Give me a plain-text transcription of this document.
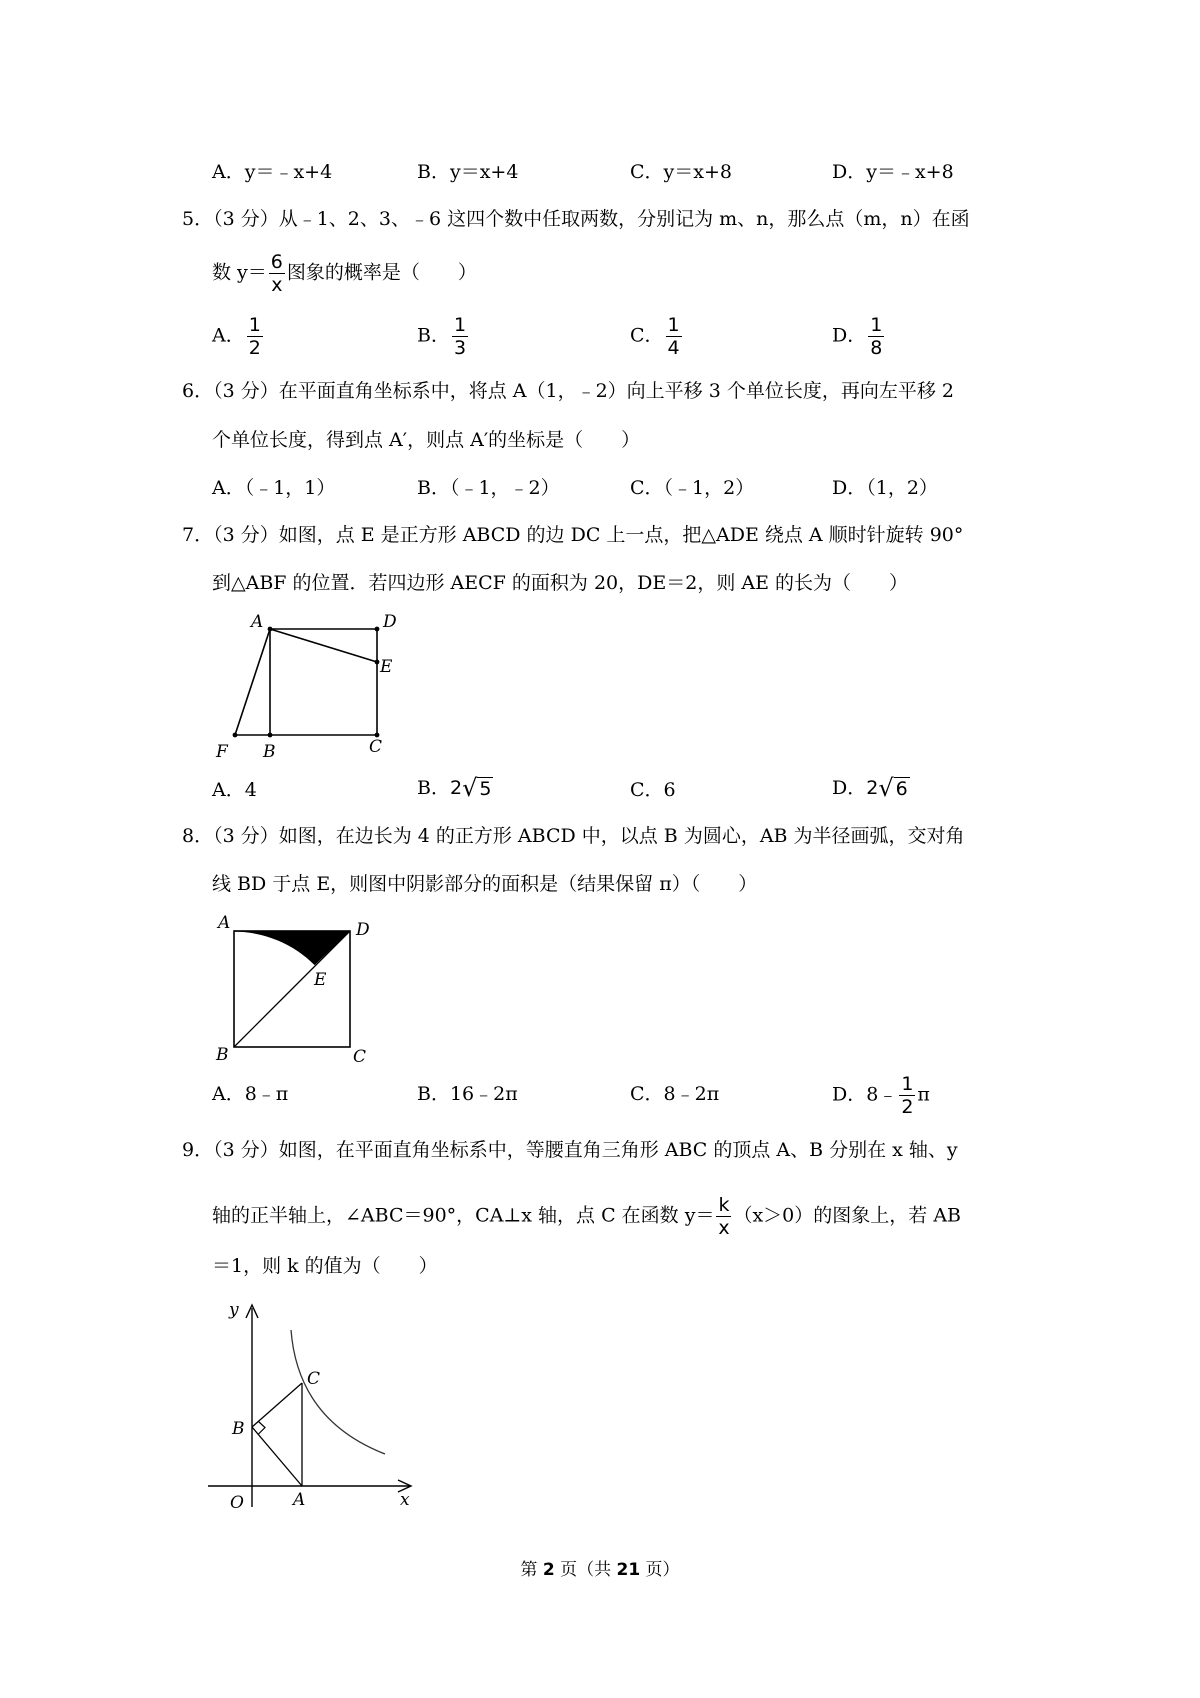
A．y＝﹣x+4	B．y＝x+4	C．y＝x+8	D．y＝﹣x+8
5．（3 分）从﹣1、2、3、﹣6 这四个数中任取两数，分别记为 m、n，那么点（m，n）在函
数 $y= \frac{6}{x}$ 图象的概率是（　　）
A． $\frac{1}{2}$	B． $\frac{1}{3}$	C． $\frac{1}{4}$	D． $\frac{1}{8}$
6．（3 分）在平面直角坐标系中，将点 A（1，﹣2）向上平移 3 个单位长度，再向左平移 2
个单位长度，得到点 A′，则点 A′的坐标是（　　）
A．（﹣1，1）	B．（﹣1，﹣2）	C．（﹣1，2）	D．（1，2）
7．（3 分）如图，点 E 是正方形 ABCD 的边 DC 上一点，把△ADE 绕点 A 顺时针旋转 90°
到△ABF 的位置．若四边形 AECF 的面积为 20，DE＝2，则 AE 的长为（　　）
A	D
E
F B	C
A	D
E
B	C
y
C
B
O	A	x
A．4	B． 2 √ 5	C．6	D． 2 √ 6
8．（3 分）如图，在边长为 4 的正方形 ABCD 中，以点 B 为圆心，AB 为半径画弧，交对角
线 BD 于点 E，则图中阴影部分的面积是（结果保留 π）（　　）
A．8﹣π	B．16﹣2π	C．8﹣2π	D．8﹣ $\frac{1}{2}$ π
9．（3 分）如图，在平面直角坐标系中，等腰直角三角形 ABC 的顶点 A、B 分别在 x 轴、y
轴的正半轴上，∠ABC＝90°，CA⊥x 轴，点 C 在函数 $y= \frac{k}{x} (x>0)$的图象上，若 AB
＝1，则 k 的值为（　　）
第 2 页（共 21 页）
